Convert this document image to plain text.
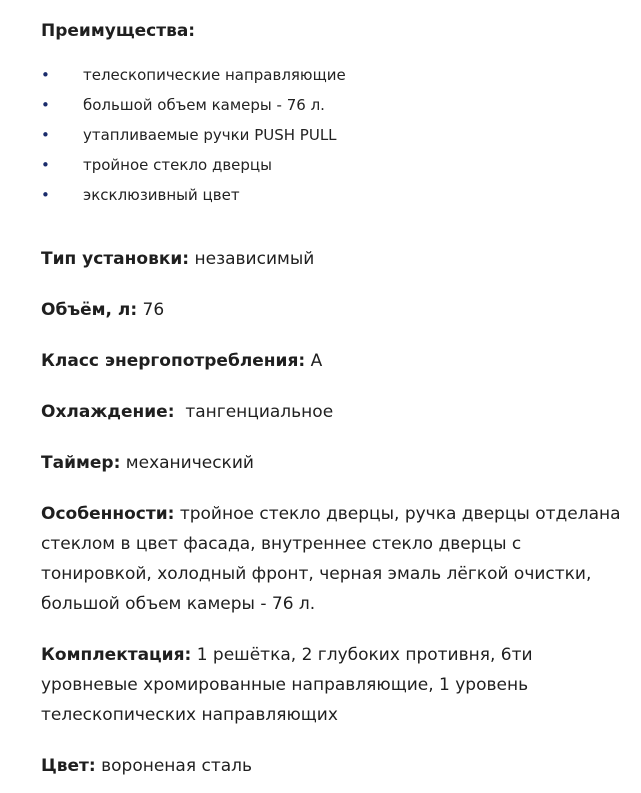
Преимущества:

• телескопические направляющие
• большой объем камеры - 76 л.
• утапливаемые ручки PUSH PULL
• тройное стекло дверцы
• эксклюзивный цвет

Тип установки: независимый

Объём, л: 76

Класс энергопотребления: A

Охлаждение:  тангенциальное

Таймер: механический

Особенности: тройное стекло дверцы, ручка дверцы отделана стеклом в цвет фасада, внутреннее стекло дверцы с тонировкой, холодный фронт, черная эмаль лёгкой очистки, большой объем камеры - 76 л.

Комплектация: 1 решётка, 2 глубоких противня, 6ти уровневые хромированные направляющие, 1 уровень телескопических направляющих

Цвет: вороненая сталь
